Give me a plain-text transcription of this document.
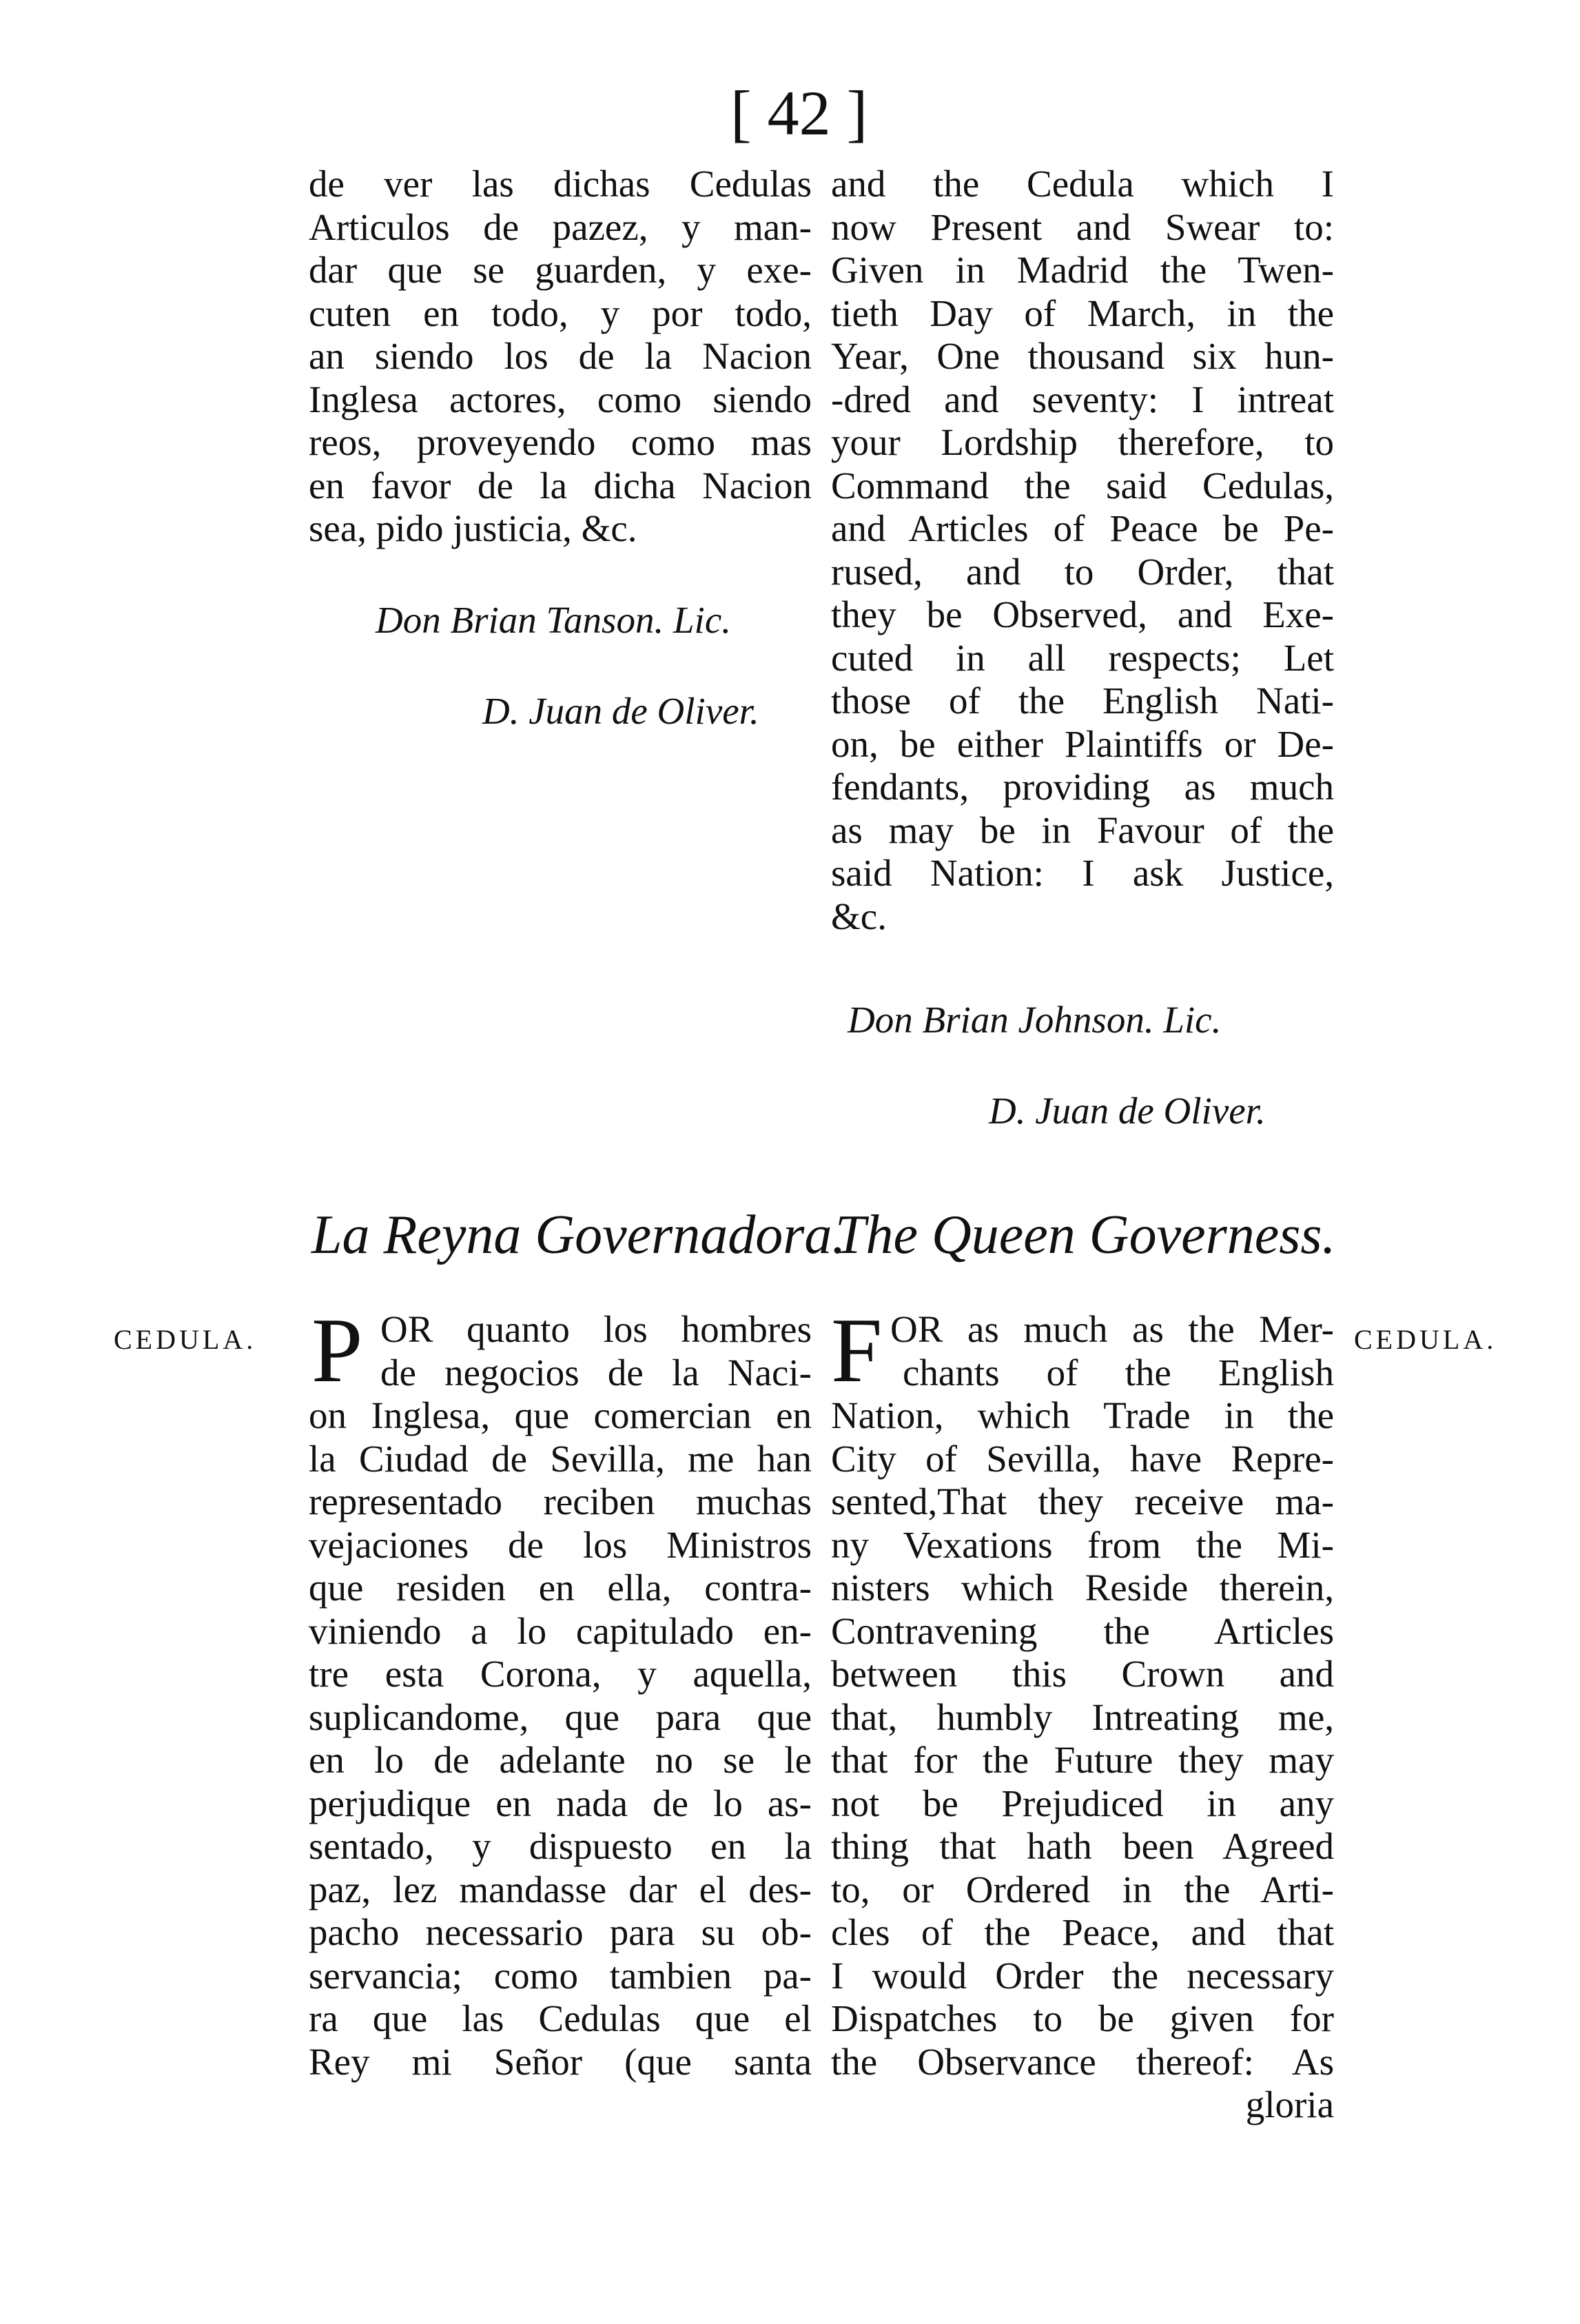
[ 42 ]
de ver las dichas Cedulas
Articulos de pazez, y man-
dar que se guarden, y exe-
cuten en todo, y por todo,
an siendo los de la Nacion
Inglesa actores, como siendo
reos, proveyendo como mas
en favor de la dicha Nacion
sea, pido justicia, &c.
and the Cedula which I
now Present and Swear to:
Given in Madrid the Twen-
tieth Day of March, in the
Year, One thousand six hun-
-dred and seventy: I intreat
your Lordship therefore, to
Command the said Cedulas,
and Articles of Peace be Pe-
rused, and to Order, that
they be Observed, and Exe-
cuted in all respects; Let
those of the English Nati-
on, be either Plaintiffs or De-
fendants, providing as much
as may be in Favour of the
said Nation: I ask Justice,
&c.
Don Brian Tanson. Lic.
D. Juan de Oliver.
Don Brian Johnson. Lic.
D. Juan de Oliver.
La Reyna Governadora.
The Queen Governess.
CEDULA.	CEDULA.
P	F
OR quanto los hombres
de negocios de la Naci-
on Inglesa, que comercian en
la Ciudad de Sevilla, me han
representado reciben muchas
vejaciones de los Ministros
que residen en ella, contra-
viniendo a lo capitulado en-
tre esta Corona, y aquella,
suplicandome, que para que
en lo de adelante no se le
perjudique en nada de lo as-
sentado, y dispuesto en la
paz, lez mandasse dar el des-
pacho necessario para su ob-
servancia; como tambien pa-
ra que las Cedulas que el
Rey mi Señor (que santa
OR as much as the Mer-
chants of the English
Nation, which Trade in the
City of Sevilla, have Repre-
sented,That they receive ma-
ny Vexations from the Mi-
nisters which Reside therein,
Contravening the Articles
between this Crown and
that, humbly Intreating me,
that for the Future they may
not be Prejudiced in any
thing that hath been Agreed
to, or Ordered in the Arti-
cles of the Peace, and that
I would Order the necessary
Dispatches to be given for
the Observance thereof: As
gloria
